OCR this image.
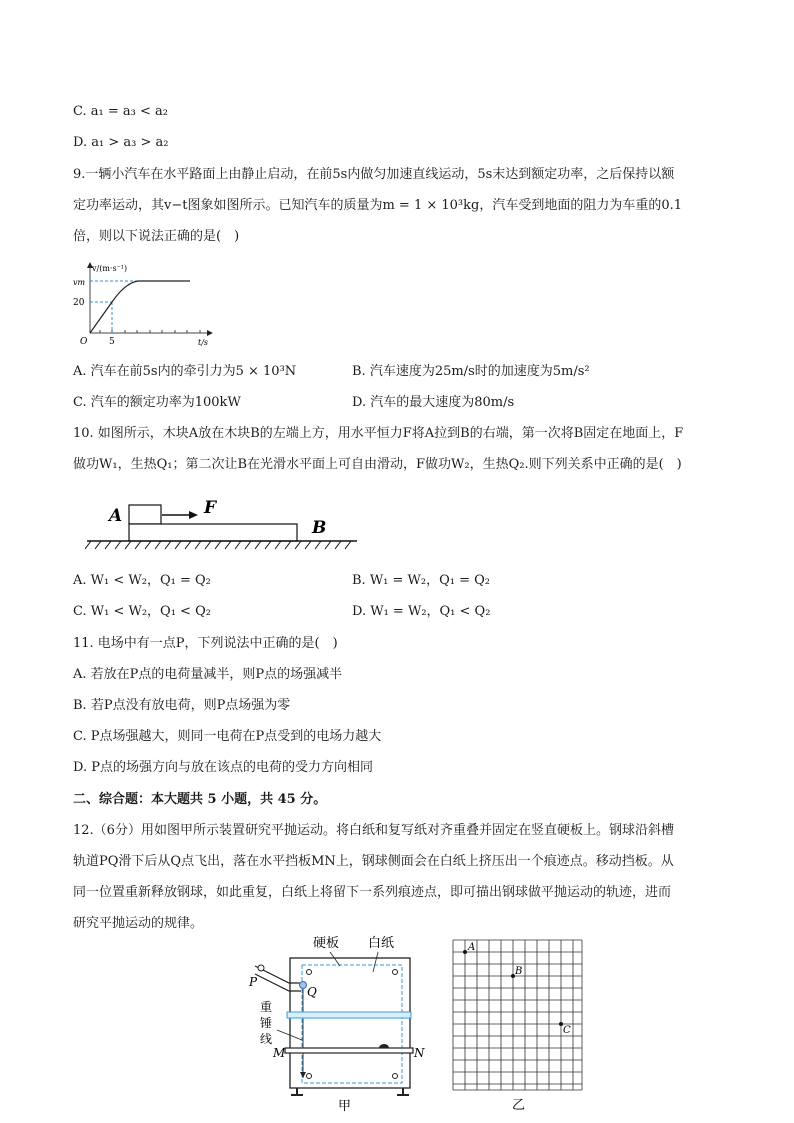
C. a₁ = a₃ < a₂
D. a₁ > a₃ > a₂
9.一辆小汽车在水平路面上由静止启动，在前5s内做匀加速直线运动，5s末达到额定功率，之后保持以额
定功率运动，其v−t图象如图所示。已知汽车的质量为m = 1 × 10³kg，汽车受到地面的阻力为车重的0.1
倍，则以下说法正确的是(　)
v/(m·s⁻¹)
vm
20
5
O	t/s
A. 汽车在前5s内的牵引力为5 × 10³N	B. 汽车速度为25m/s时的加速度为5m/s²
C. 汽车的额定功率为100kW	D. 汽车的最大速度为80m/s
10. 如图所示，木块A放在木块B的左端上方，用水平恒力F将A拉到B的右端，第一次将B固定在地面上，F
做功W₁，生热Q₁；第二次让B在光滑水平面上可自由滑动，F做功W₂，生热Q₂.则下列关系中正确的是(　)
A	F
B
A. W₁ < W₂，Q₁ = Q₂	B. W₁ = W₂，Q₁ = Q₂
C. W₁ < W₂，Q₁ < Q₂	D. W₁ = W₂，Q₁ < Q₂
11. 电场中有一点P，下列说法中正确的是(　)
A. 若放在P点的电荷量减半，则P点的场强减半
B. 若P点没有放电荷，则P点场强为零
C. P点场强越大，则同一电荷在P点受到的电场力越大
D. P点的场强方向与放在该点的电荷的受力方向相同
二、综合题：本大题共 5 小题，共 45 分。
12.（6分）用如图甲所示装置研究平抛运动。将白纸和复写纸对齐重叠并固定在竖直硬板上。钢球沿斜槽
轨道PQ滑下后从Q点飞出，落在水平挡板MN上，钢球侧面会在白纸上挤压出一个痕迹点。移动挡板。从
同一位置重新释放钢球，如此重复，白纸上将留下一系列痕迹点，即可描出钢球做平抛运动的轨迹，进而
研究平抛运动的规律。
硬板 白纸
P
Q
重
锤
线
M	N
甲
A
B
C
乙
